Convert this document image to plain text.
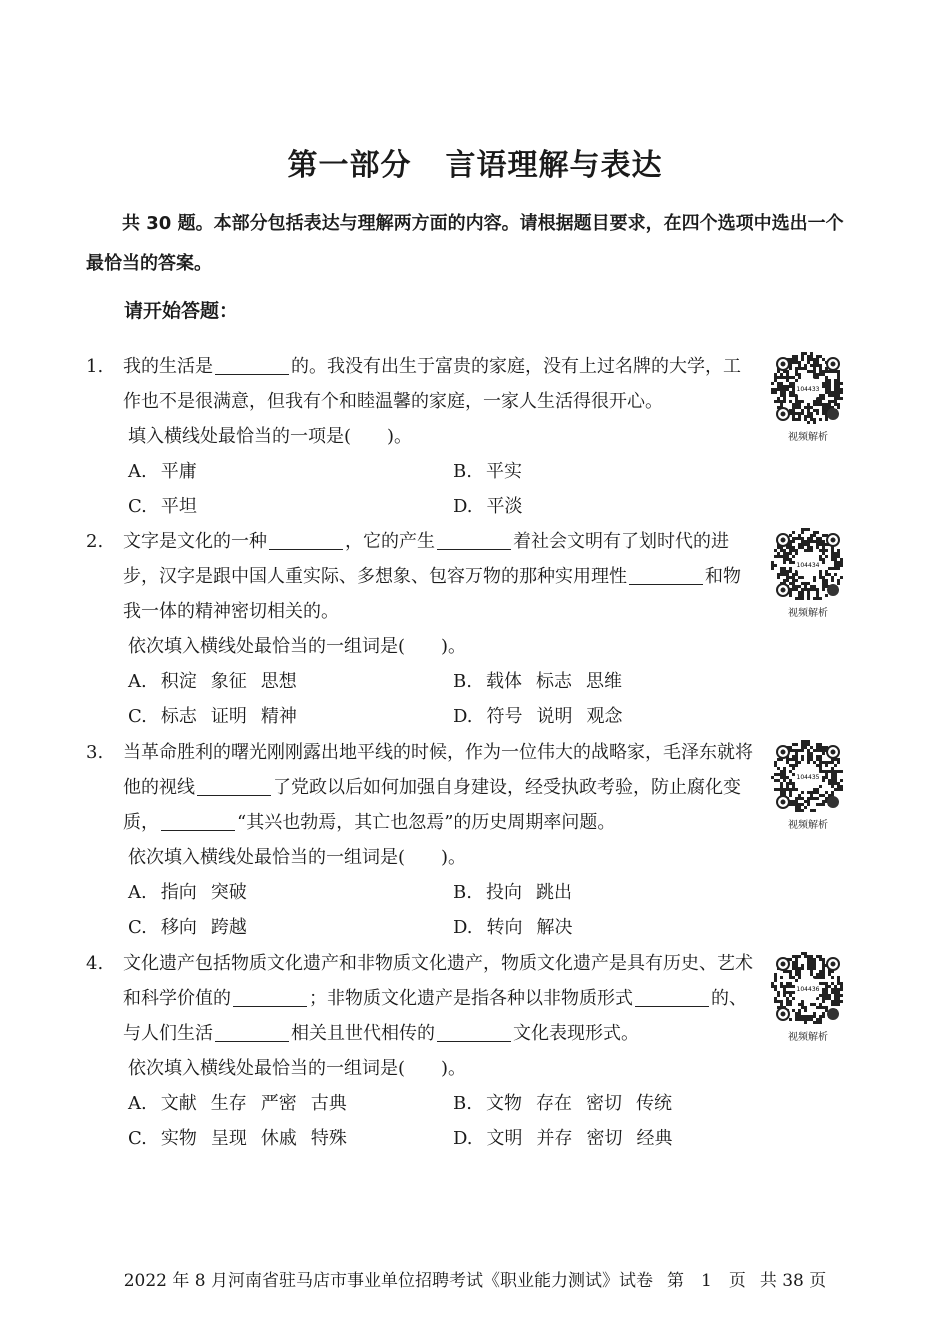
第一部分 言语理解与表达
共 30 题。本部分包括表达与理解两方面的内容。请根据题目要求，在四个选项中选出一个最恰当的答案。
请开始答题：
1. 我的生活是	的。我没有出生于富贵的家庭，没有上过名牌的大学，工作也不是很满意，但我有个和睦温馨的家庭，一家人生活得很开心。
填入横线处最恰当的一项是(　　)。
A. 平庸	B. 平实
C. 平坦	D. 平淡
2. 文字是文化的一种	，它的产生	着社会文明有了划时代的进步，汉字是跟中国人重实际、多想象、包容万物的那种实用理性	和物我一体的精神密切相关的。
依次填入横线处最恰当的一组词是(　　)。
A. 积淀 象征 思想	B. 载体 标志 思维
C. 标志 证明 精神	D. 符号 说明 观念
3. 当革命胜利的曙光刚刚露出地平线的时候，作为一位伟大的战略家，毛泽东就将他的视线	了党政以后如何加强自身建设，经受执政考验，防止腐化变质，	“其兴也勃焉，其亡也忽焉”的历史周期率问题。
依次填入横线处最恰当的一组词是(　　)。
A. 指向 突破	B. 投向 跳出
C. 移向 跨越	D. 转向 解决
4. 文化遗产包括物质文化遗产和非物质文化遗产，物质文化遗产是具有历史、艺术和科学价值的	；非物质文化遗产是指各种以非物质形式	的、与人们生活	相关且世代相传的	文化表现形式。
依次填入横线处最恰当的一组词是(　　)。
A. 文献 生存 严密 古典	B. 文物 存在 密切 传统
C. 实物 呈现 休戚 特殊	D. 文明 并存 密切 经典
104433
视频解析
104434
视频解析
104435
视频解析
104436
视频解析
2022 年 8 月河南省驻马店市事业单位招聘考试《职业能力测试》试卷 第　1　页 共 38 页
